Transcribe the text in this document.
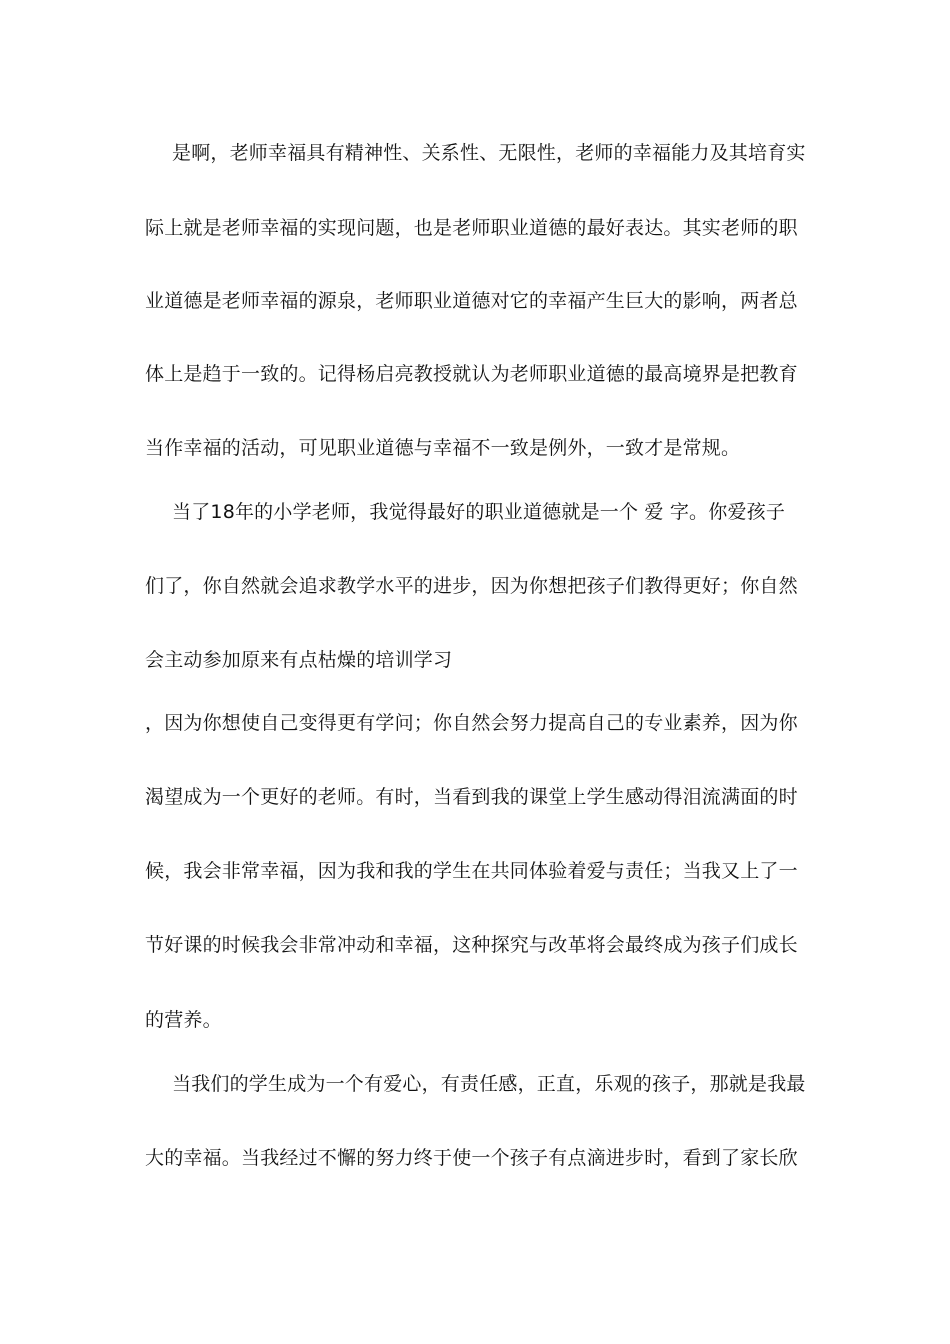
是啊，老师幸福具有精神性、关系性、无限性，老师的幸福能力及其培育实
际上就是老师幸福的实现问题，也是老师职业道德的最好表达。其实老师的职
业道德是老师幸福的源泉，老师职业道德对它的幸福产生巨大的影响，两者总
体上是趋于一致的。记得杨启亮教授就认为老师职业道德的最高境界是把教育
当作幸福的活动，可见职业道德与幸福不一致是例外，一致才是常规。
当了18年的小学老师，我觉得最好的职业道德就是一个 爱 字。你爱孩子
们了，你自然就会追求教学水平的进步，因为你想把孩子们教得更好；你自然
会主动参加原来有点枯燥的培训学习
，因为你想使自己变得更有学问；你自然会努力提高自己的专业素养，因为你
渴望成为一个更好的老师。有时，当看到我的课堂上学生感动得泪流满面的时
候，我会非常幸福，因为我和我的学生在共同体验着爱与责任；当我又上了一
节好课的时候我会非常冲动和幸福，这种探究与改革将会最终成为孩子们成长
的营养。
当我们的学生成为一个有爱心，有责任感，正直，乐观的孩子，那就是我最
大的幸福。当我经过不懈的努力终于使一个孩子有点滴进步时，看到了家长欣
